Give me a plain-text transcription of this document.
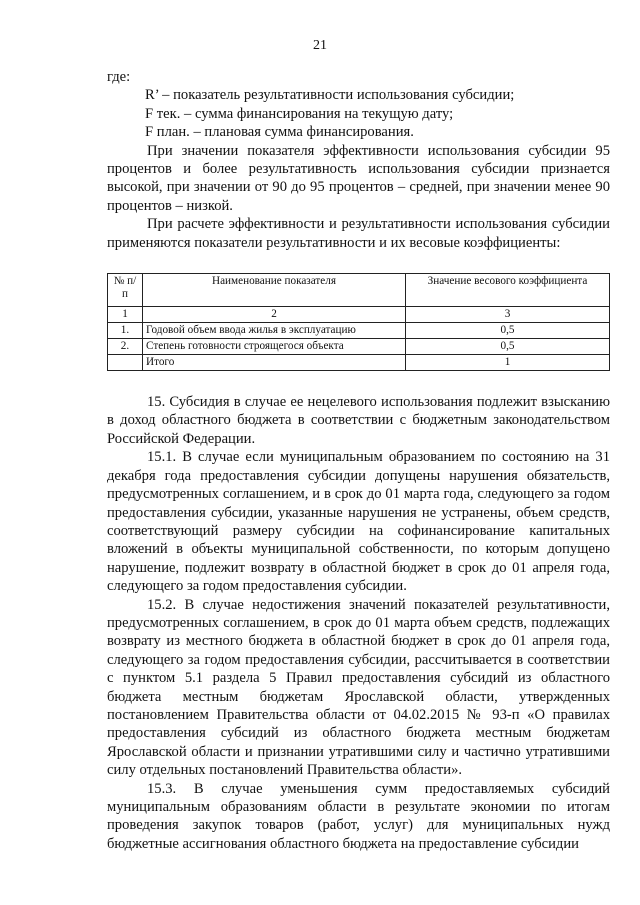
21
где:
R’ – показатель результативности использования субсидии;
F тек. – сумма финансирования на текущую дату;
F план. – плановая сумма финансирования.

При значении показателя эффективности использования субсидии 95 процентов и более результативность использования субсидии признается высокой, при значении от 90 до 95 процентов – средней, при значении менее 90 процентов – низкой.

При расчете эффективности и результативности использования субсидии применяются показатели результативности и их весовые коэффициенты:

№ п/п	Наименование показателя	Значение весового коэффициента
1	2	3
1.	Годовой объем ввода жилья в эксплуатацию	0,5
2.	Степень готовности строящегося объекта	0,5
	Итого	1

15. Субсидия в случае ее нецелевого использования подлежит взысканию в доход областного бюджета в соответствии с бюджетным законодательством Российской Федерации.

15.1. В случае если муниципальным образованием по состоянию на 31 декабря года предоставления субсидии допущены нарушения обязательств, предусмотренных соглашением, и в срок до 01 марта года, следующего за годом предоставления субсидии, указанные нарушения не устранены, объем средств, соответствующий размеру субсидии на софинансирование капитальных вложений в объекты муниципальной собственности, по которым допущено нарушение, подлежит возврату в областной бюджет в срок до 01 апреля года, следующего за годом предоставления субсидии.

15.2. В случае недостижения значений показателей результативности, предусмотренных соглашением, в срок до 01 марта объем средств, подлежащих возврату из местного бюджета в областной бюджет в срок до 01 апреля года, следующего за годом предоставления субсидии, рассчитывается в соответствии с пунктом 5.1 раздела 5 Правил предоставления субсидий из областного бюджета местным бюджетам Ярославской области, утвержденных постановлением Правительства области от 04.02.2015 № 93-п «О правилах предоставления субсидий из областного бюджета местным бюджетам Ярославской области и признании утратившими силу и частично утратившими силу отдельных постановлений Правительства области».

15.3. В случае уменьшения сумм предоставляемых субсидий муниципальным образованиям области в результате экономии по итогам проведения закупок товаров (работ, услуг) для муниципальных нужд бюджетные ассигнования областного бюджета на предоставление субсидии
